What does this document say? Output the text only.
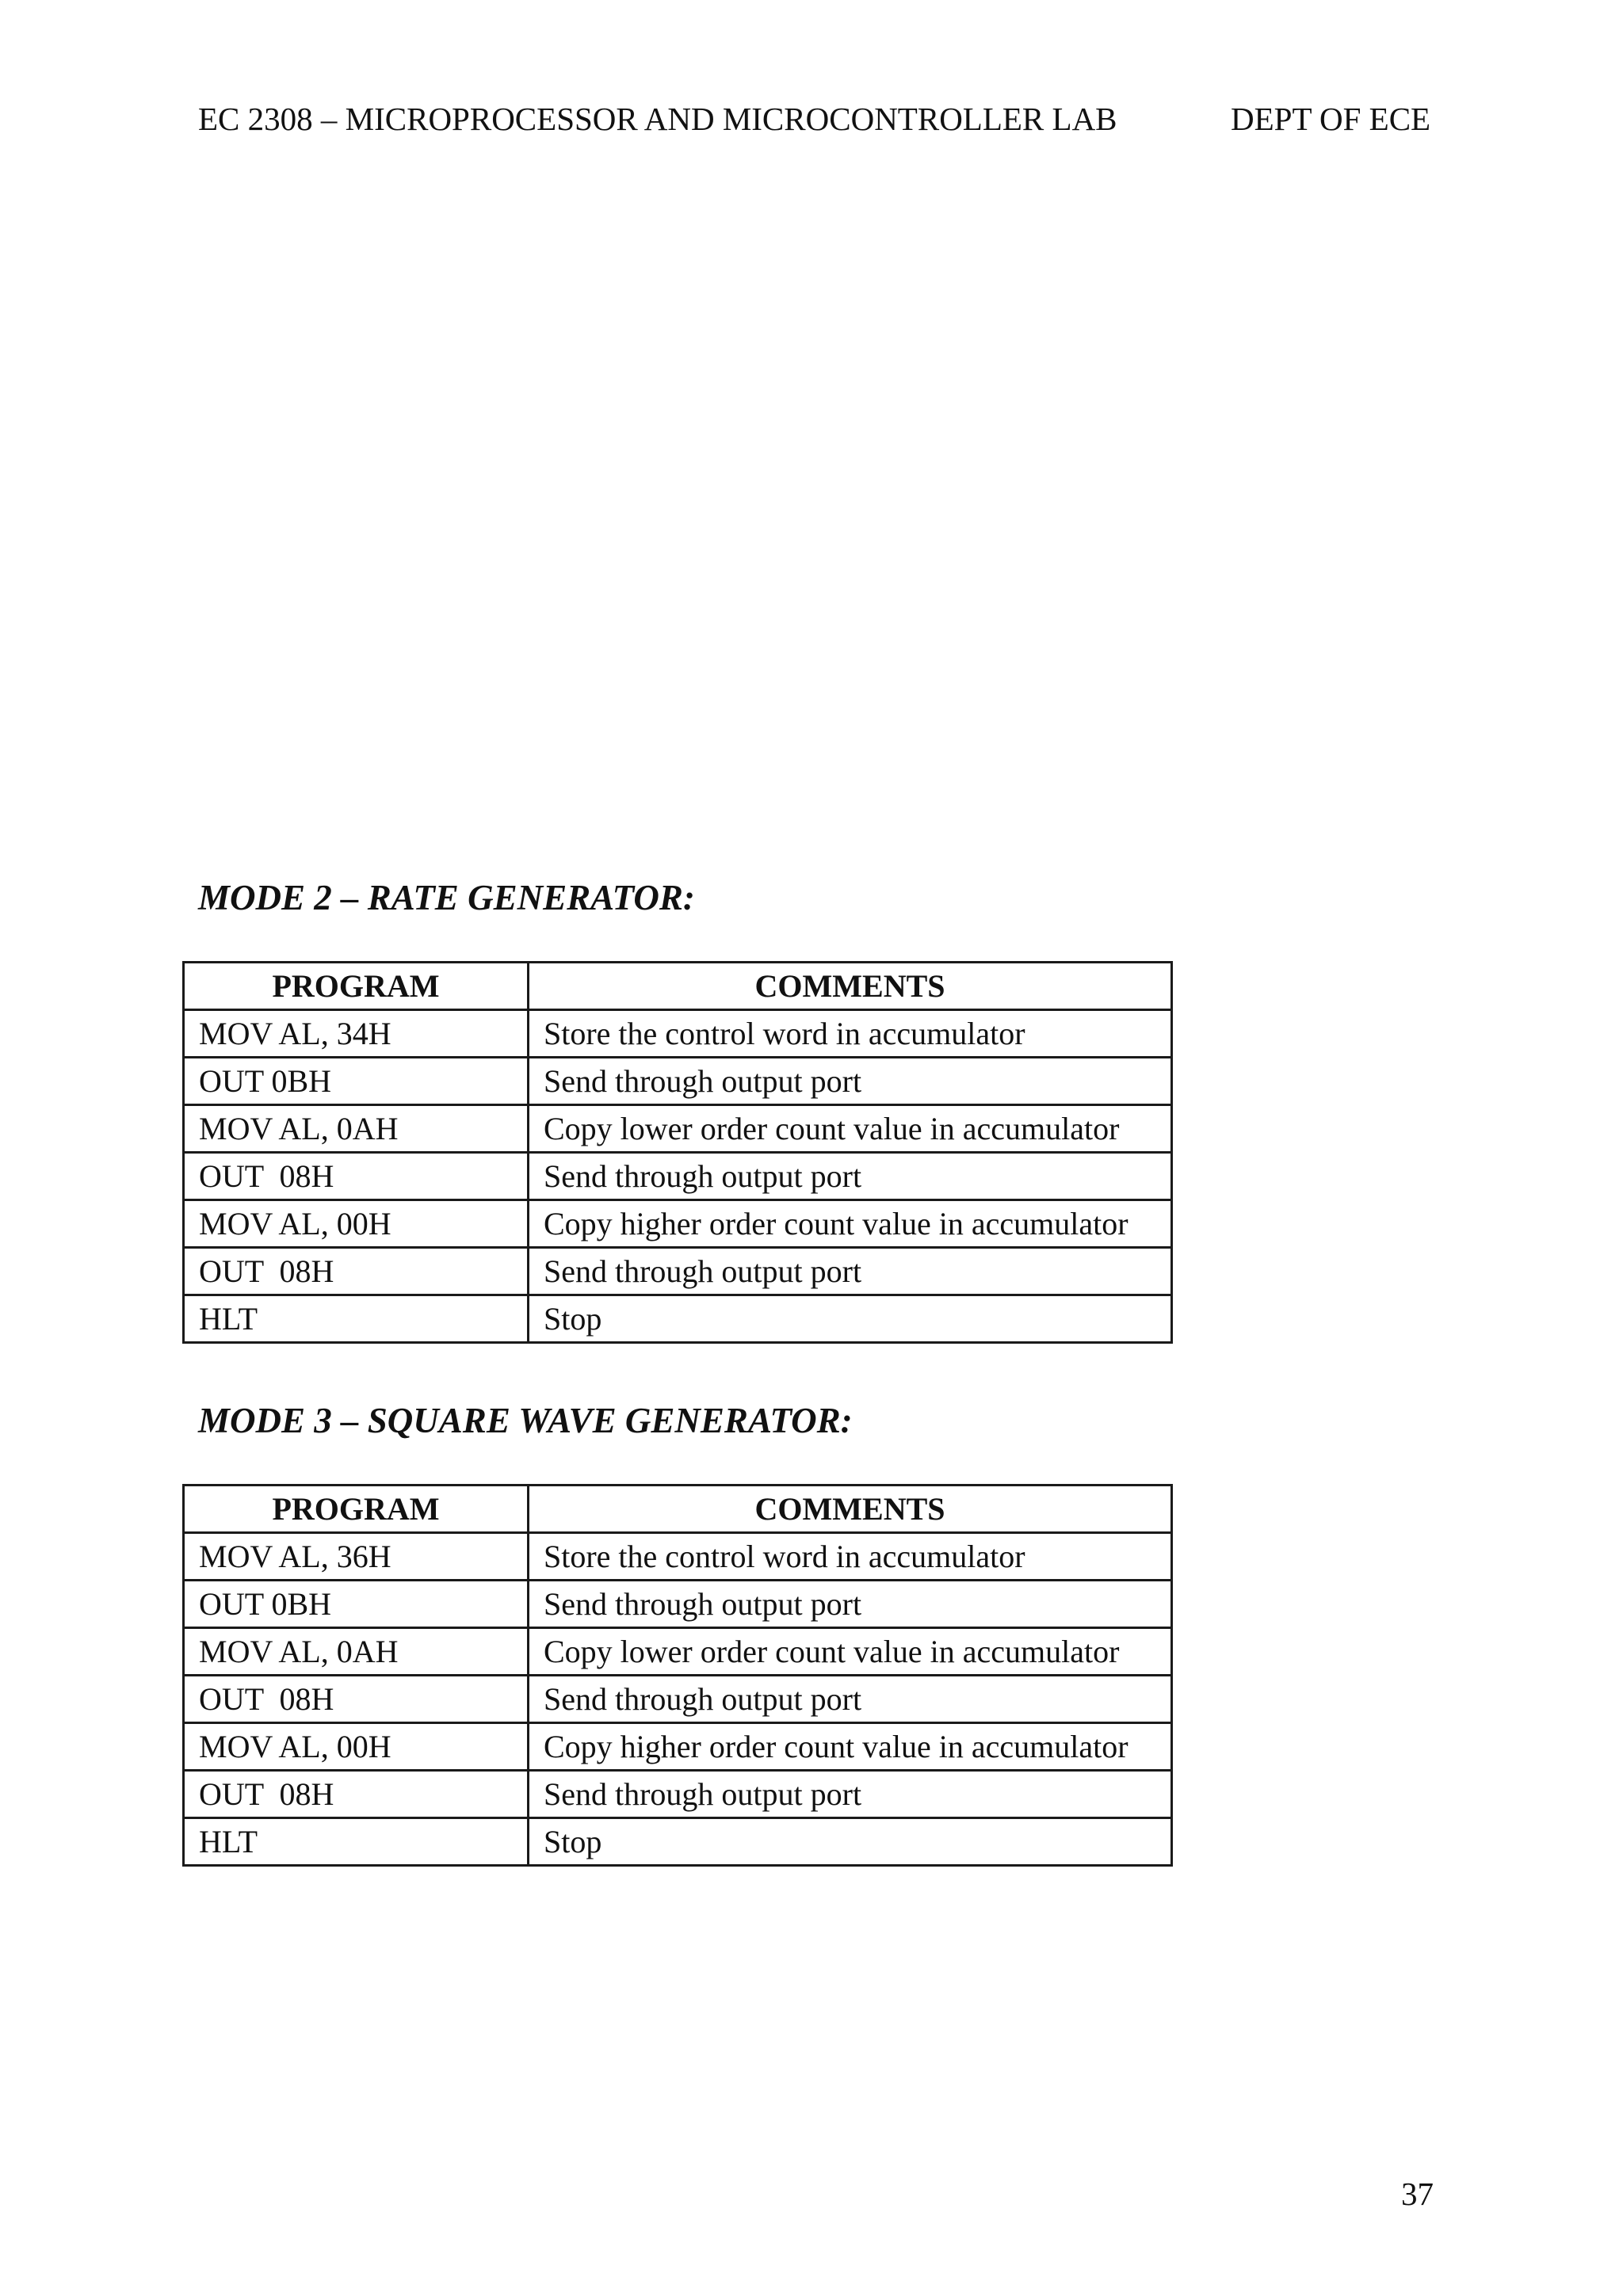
EC 2308 – MICROPROCESSOR AND MICROCONTROLLER LAB	DEPT OF ECE
MODE 2 – RATE GENERATOR:
PROGRAM	COMMENTS
MOV AL, 34H	Store the control word in accumulator
OUT 0BH	Send through output port
MOV AL, 0AH	Copy lower order count value in accumulator
OUT  08H	Send through output port
MOV AL, 00H	Copy higher order count value in accumulator
OUT  08H	Send through output port
HLT	Stop
MODE 3 – SQUARE WAVE GENERATOR:
PROGRAM	COMMENTS
MOV AL, 36H	Store the control word in accumulator
OUT 0BH	Send through output port
MOV AL, 0AH	Copy lower order count value in accumulator
OUT  08H	Send through output port
MOV AL, 00H	Copy higher order count value in accumulator
OUT  08H	Send through output port
HLT	Stop
37
